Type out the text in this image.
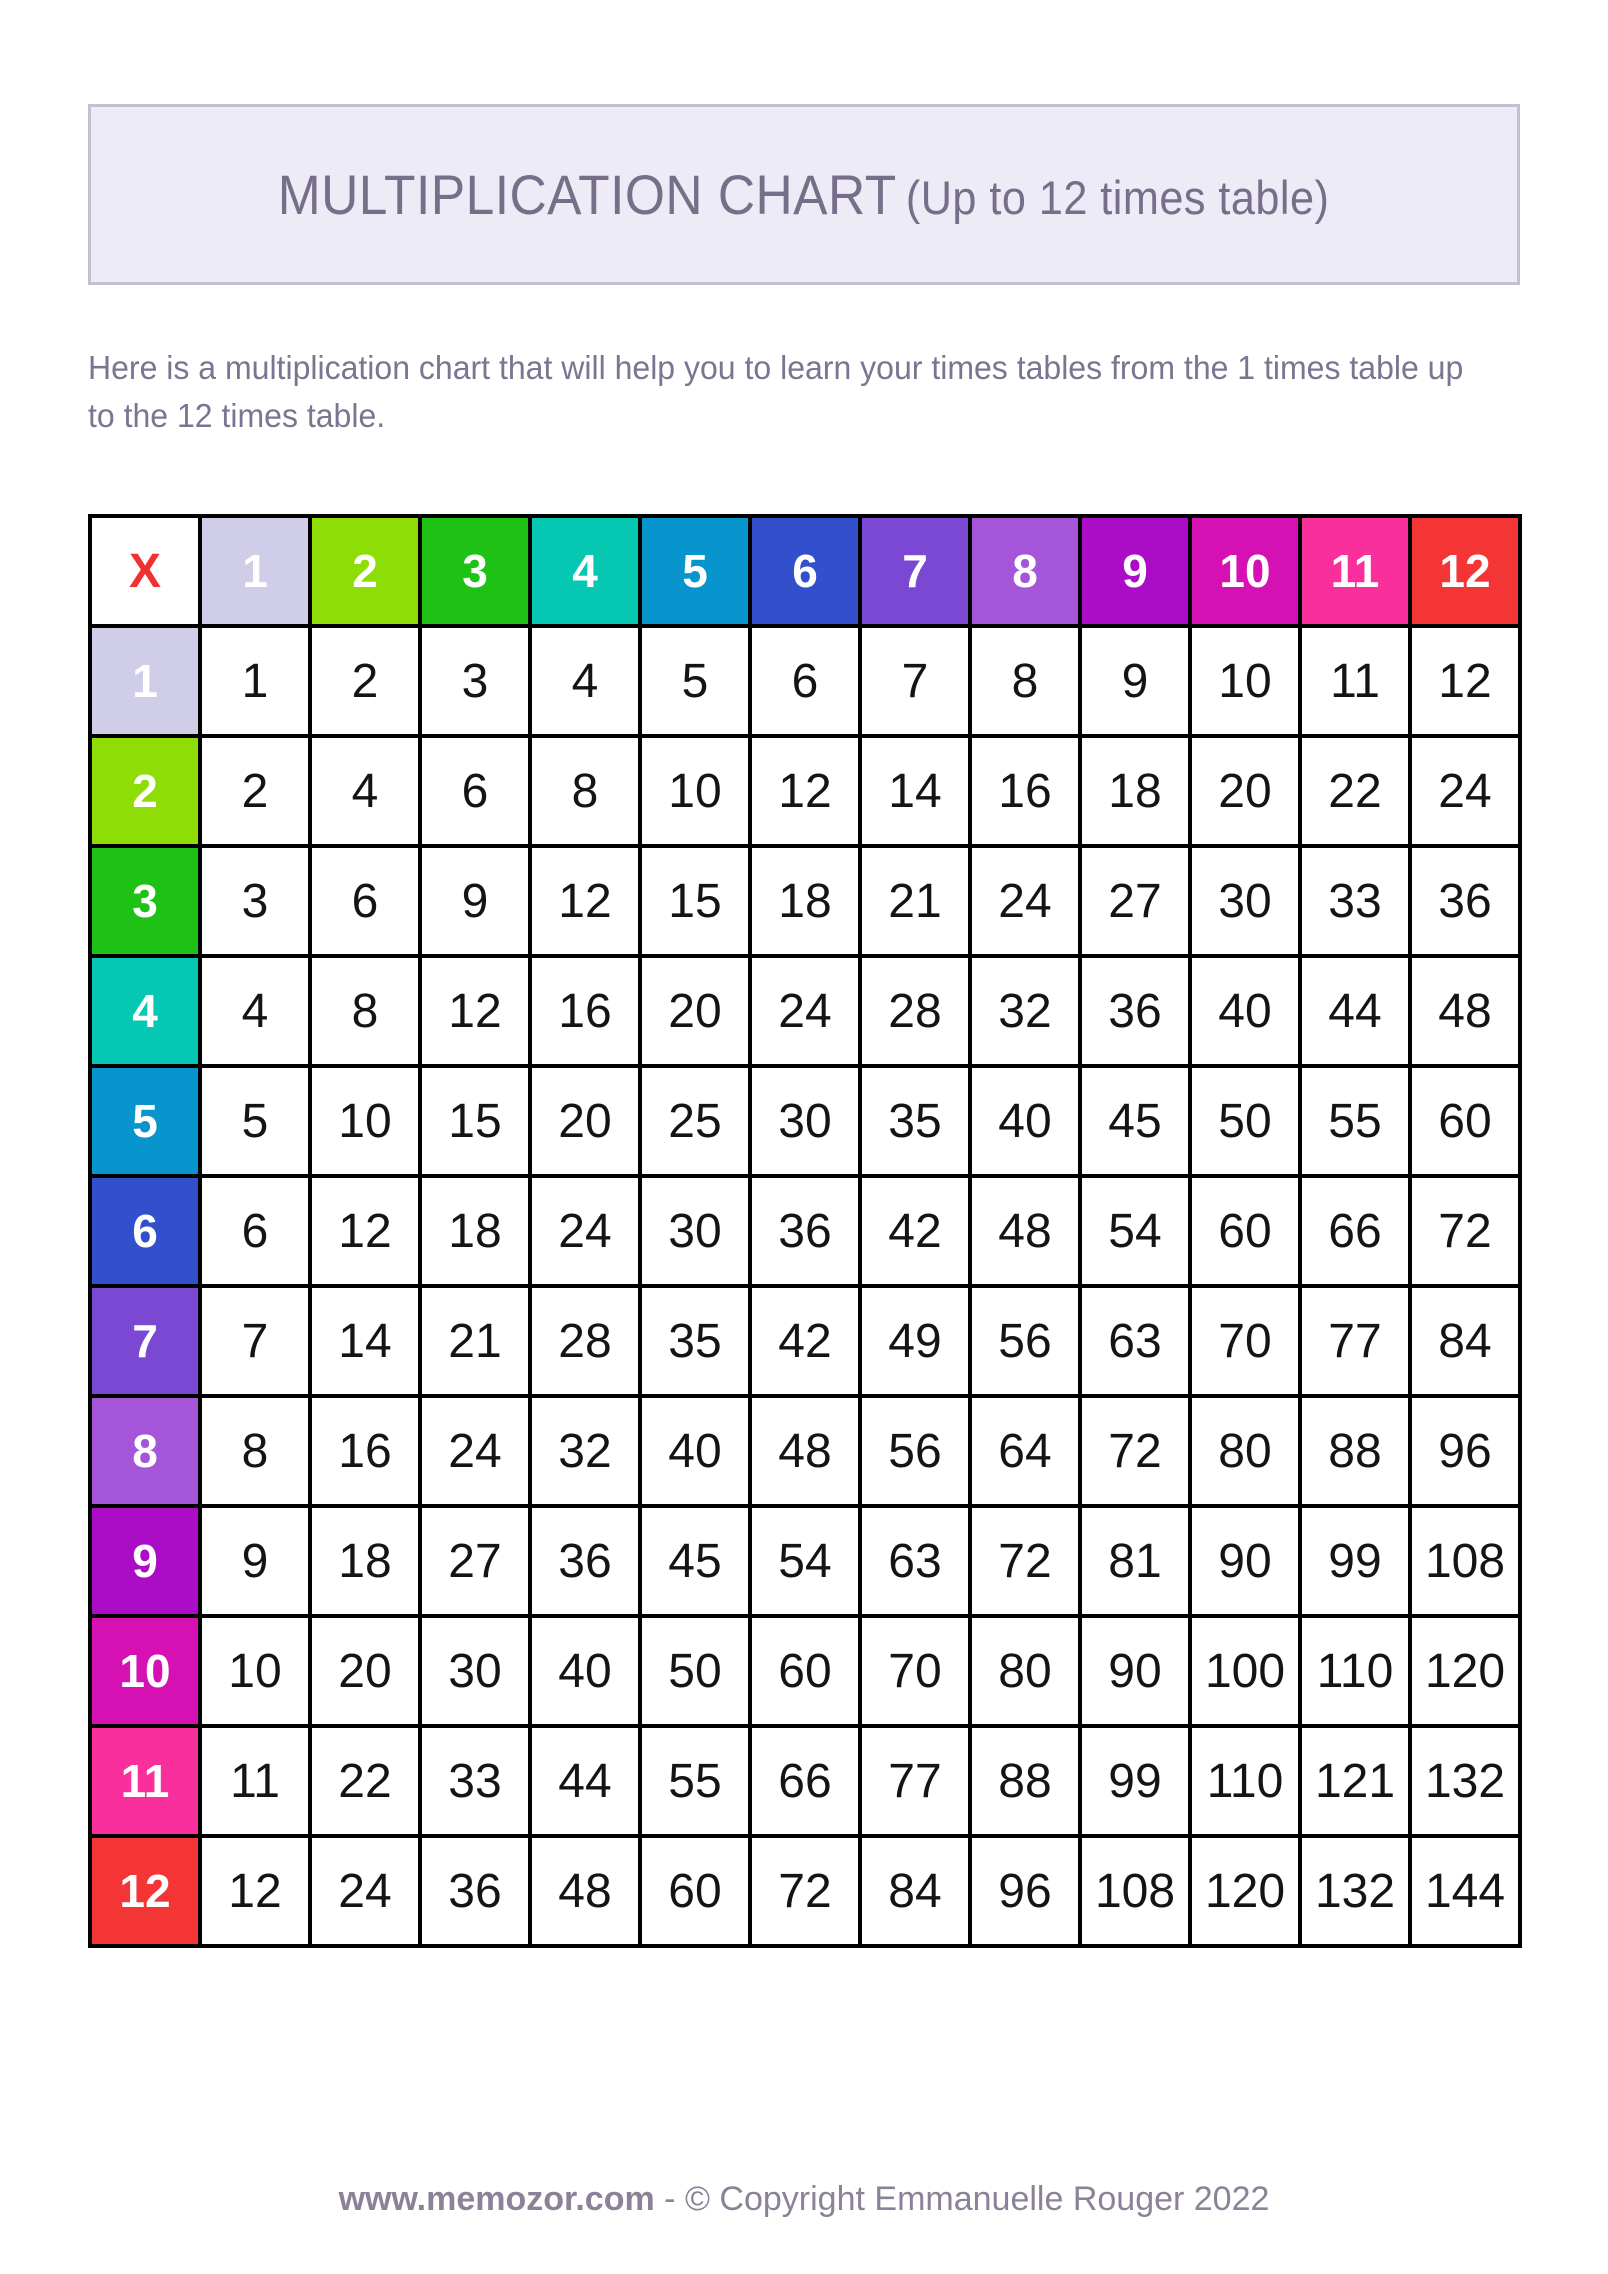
MULTIPLICATION CHART (Up to 12 times table)

Here is a multiplication chart that will help you to learn your times tables from the 1 times table up to the 12 times table.

X	1	2	3	4	5	6	7	8	9	10	11	12
1	1	2	3	4	5	6	7	8	9	10	11	12
2	2	4	6	8	10	12	14	16	18	20	22	24
3	3	6	9	12	15	18	21	24	27	30	33	36
4	4	8	12	16	20	24	28	32	36	40	44	48
5	5	10	15	20	25	30	35	40	45	50	55	60
6	6	12	18	24	30	36	42	48	54	60	66	72
7	7	14	21	28	35	42	49	56	63	70	77	84
8	8	16	24	32	40	48	56	64	72	80	88	96
9	9	18	27	36	45	54	63	72	81	90	99	108
10	10	20	30	40	50	60	70	80	90	100	110	120
11	11	22	33	44	55	66	77	88	99	110	121	132
12	12	24	36	48	60	72	84	96	108	120	132	144
www.memozor.com - © Copyright Emmanuelle Rouger 2022
